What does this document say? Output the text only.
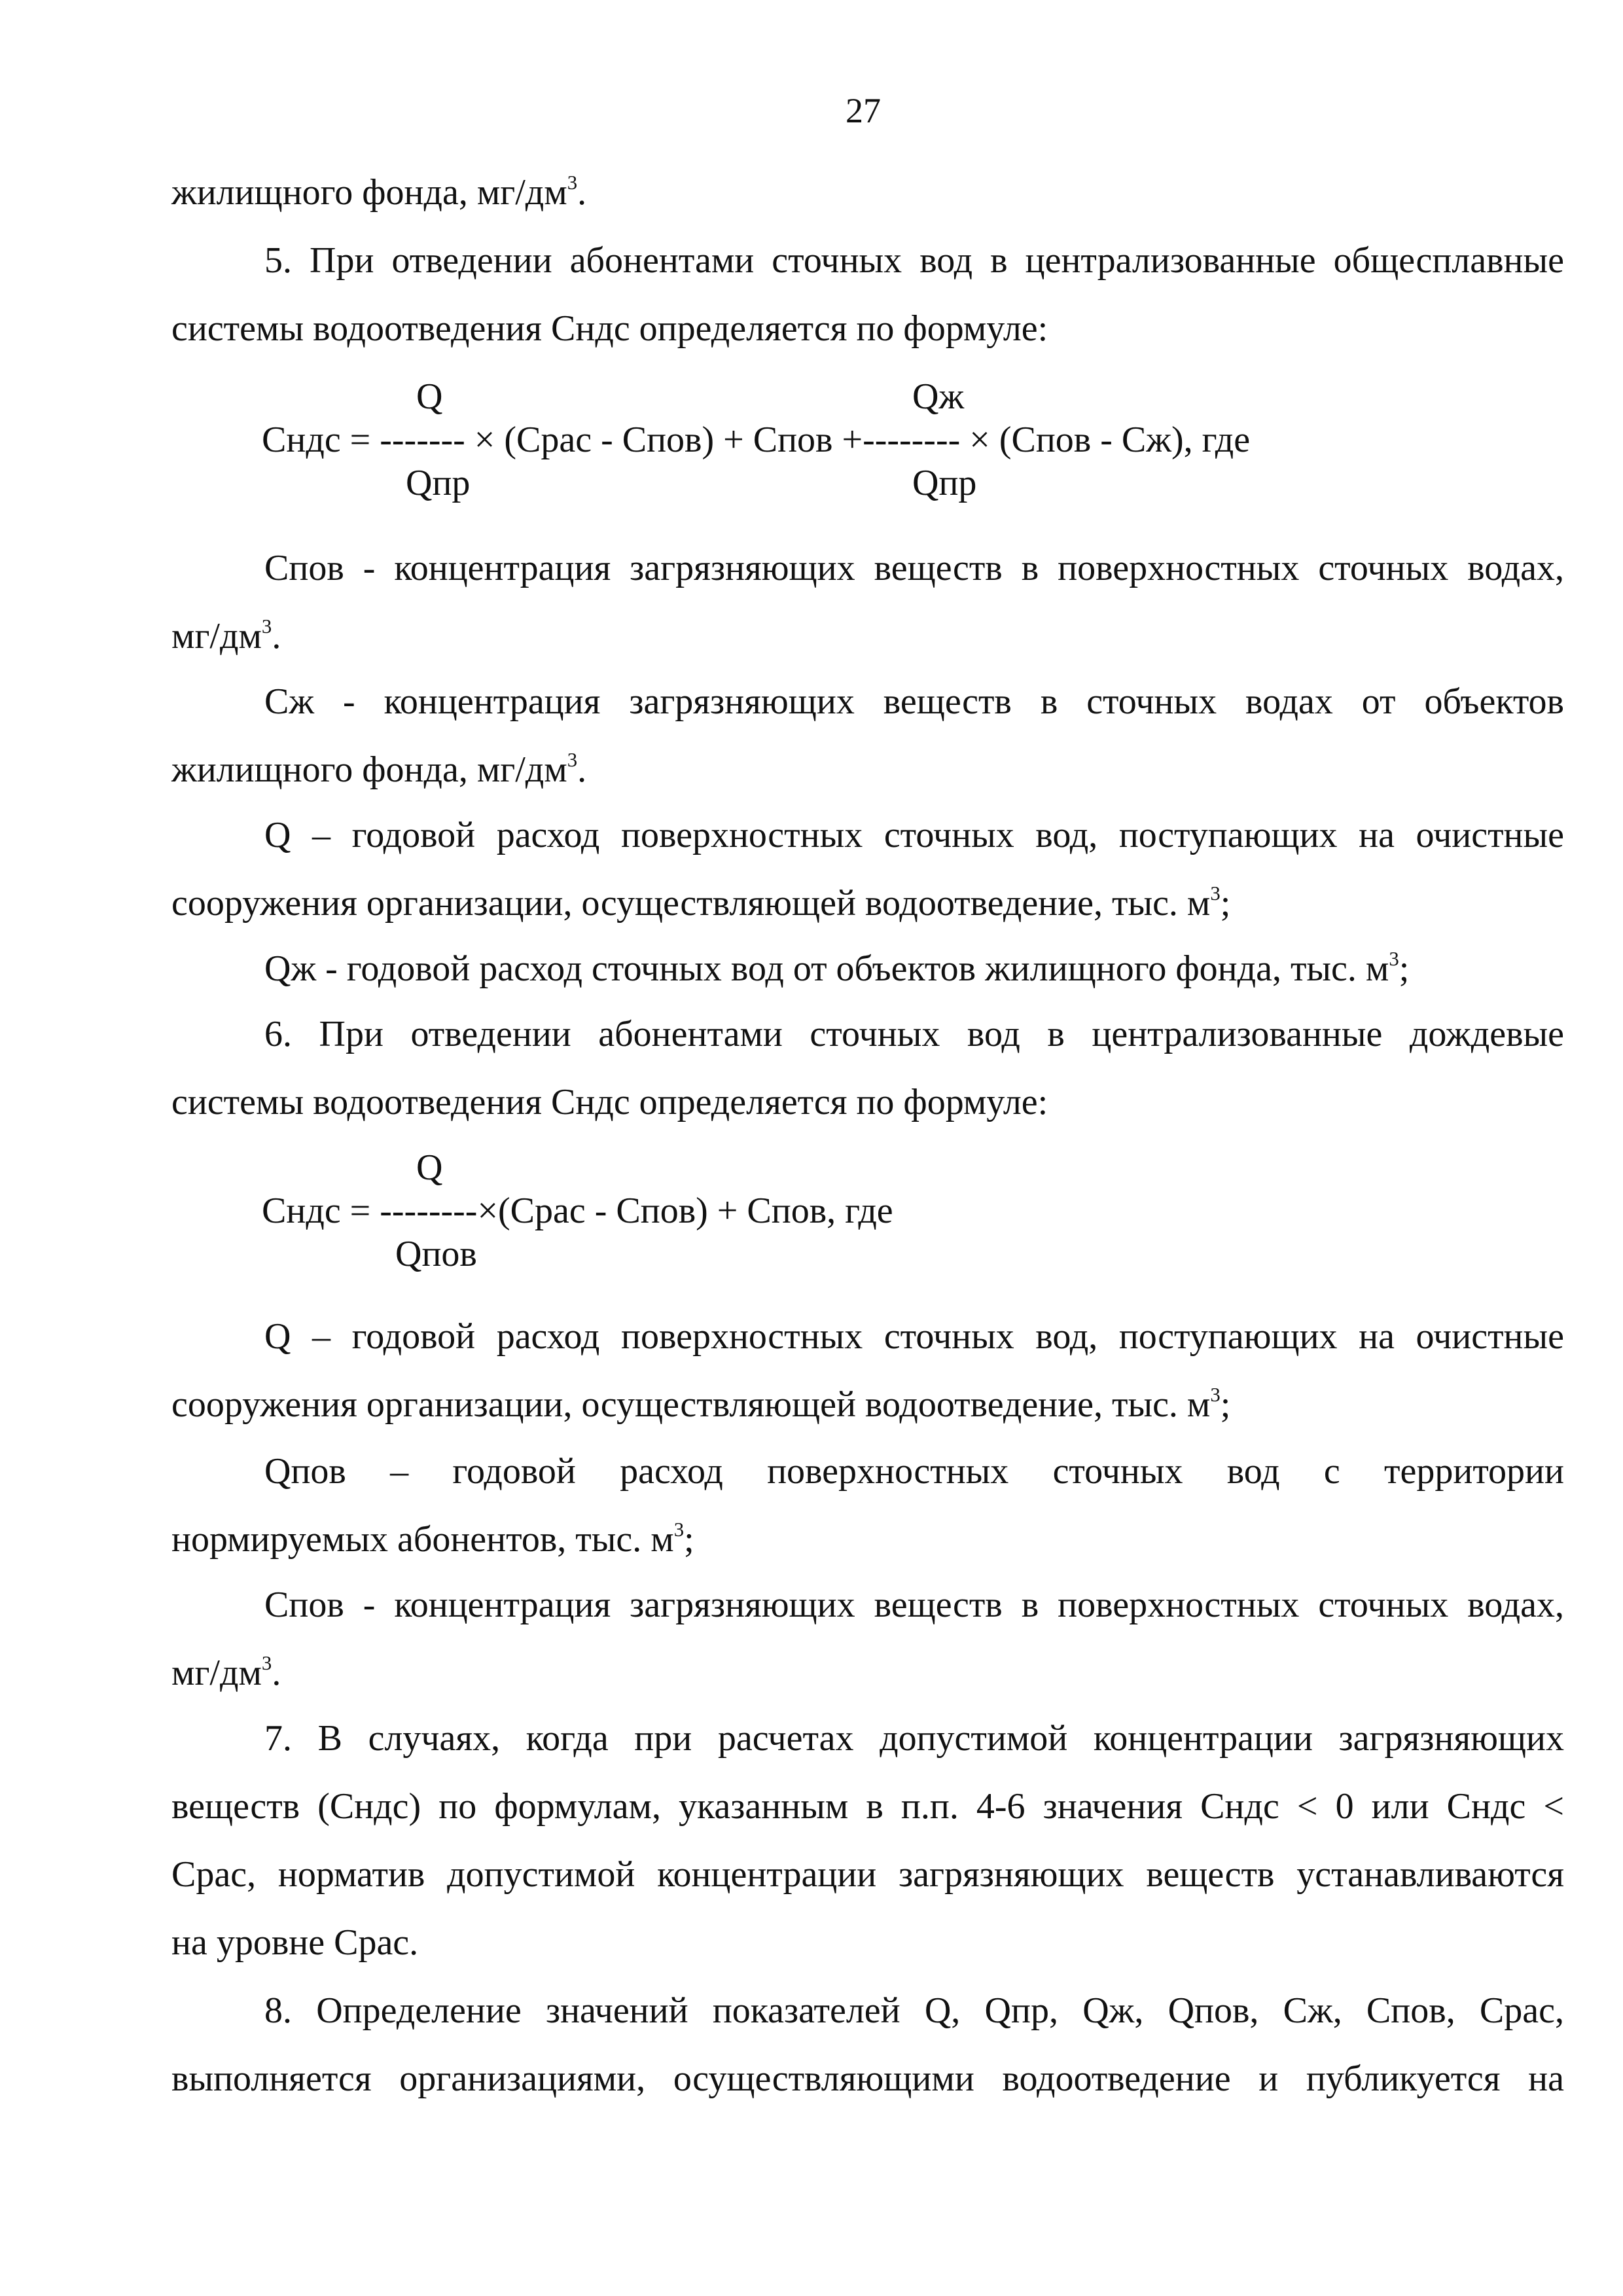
27
жилищного фонда, $мг/дм^3$.
5. При отведении абонентами сточных вод в централизованные общесплавные
системы водоотведения Сндс определяется по формуле:
Q	Qж
Сндс = ------- × (Срас - Спов) + Спов +-------- × (Спов - Сж), где
Qпр	Qпр
Спов - концентрация загрязняющих веществ в поверхностных сточных водах,
$мг/дм^3$.
Сж - концентрация загрязняющих веществ в сточных водах от объектов
жилищного фонда, $мг/дм^3$.
Q – годовой расход поверхностных сточных вод, поступающих на очистные
сооружения организации, осуществляющей водоотведение, тыс. $м^3$;
Qж - годовой расход сточных вод от объектов жилищного фонда, тыс. $м^3$;
6. При отведении абонентами сточных вод в централизованные дождевые
системы водоотведения Сндс определяется по формуле:
Q
Сндс = --------×(Срас - Спов) + Спов, где
Qпов
Q – годовой расход поверхностных сточных вод, поступающих на очистные
сооружения организации, осуществляющей водоотведение, тыс. $м^3$;
Qпов – годовой расход поверхностных сточных вод с территории
нормируемых абонентов, тыс. $м^3$;
Спов - концентрация загрязняющих веществ в поверхностных сточных водах,
$мг/дм^3$.
7. В случаях, когда при расчетах допустимой концентрации загрязняющих
веществ (Сндс) по формулам, указанным в п.п. 4-6 значения Сндс < 0 или Сндс <
Срас, норматив допустимой концентрации загрязняющих веществ устанавливаются
на уровне Срас.
8. Определение значений показателей Q, Qпр, Qж, Qпов, Сж, Спов, Срас,
выполняется организациями, осуществляющими водоотведение и публикуется на
